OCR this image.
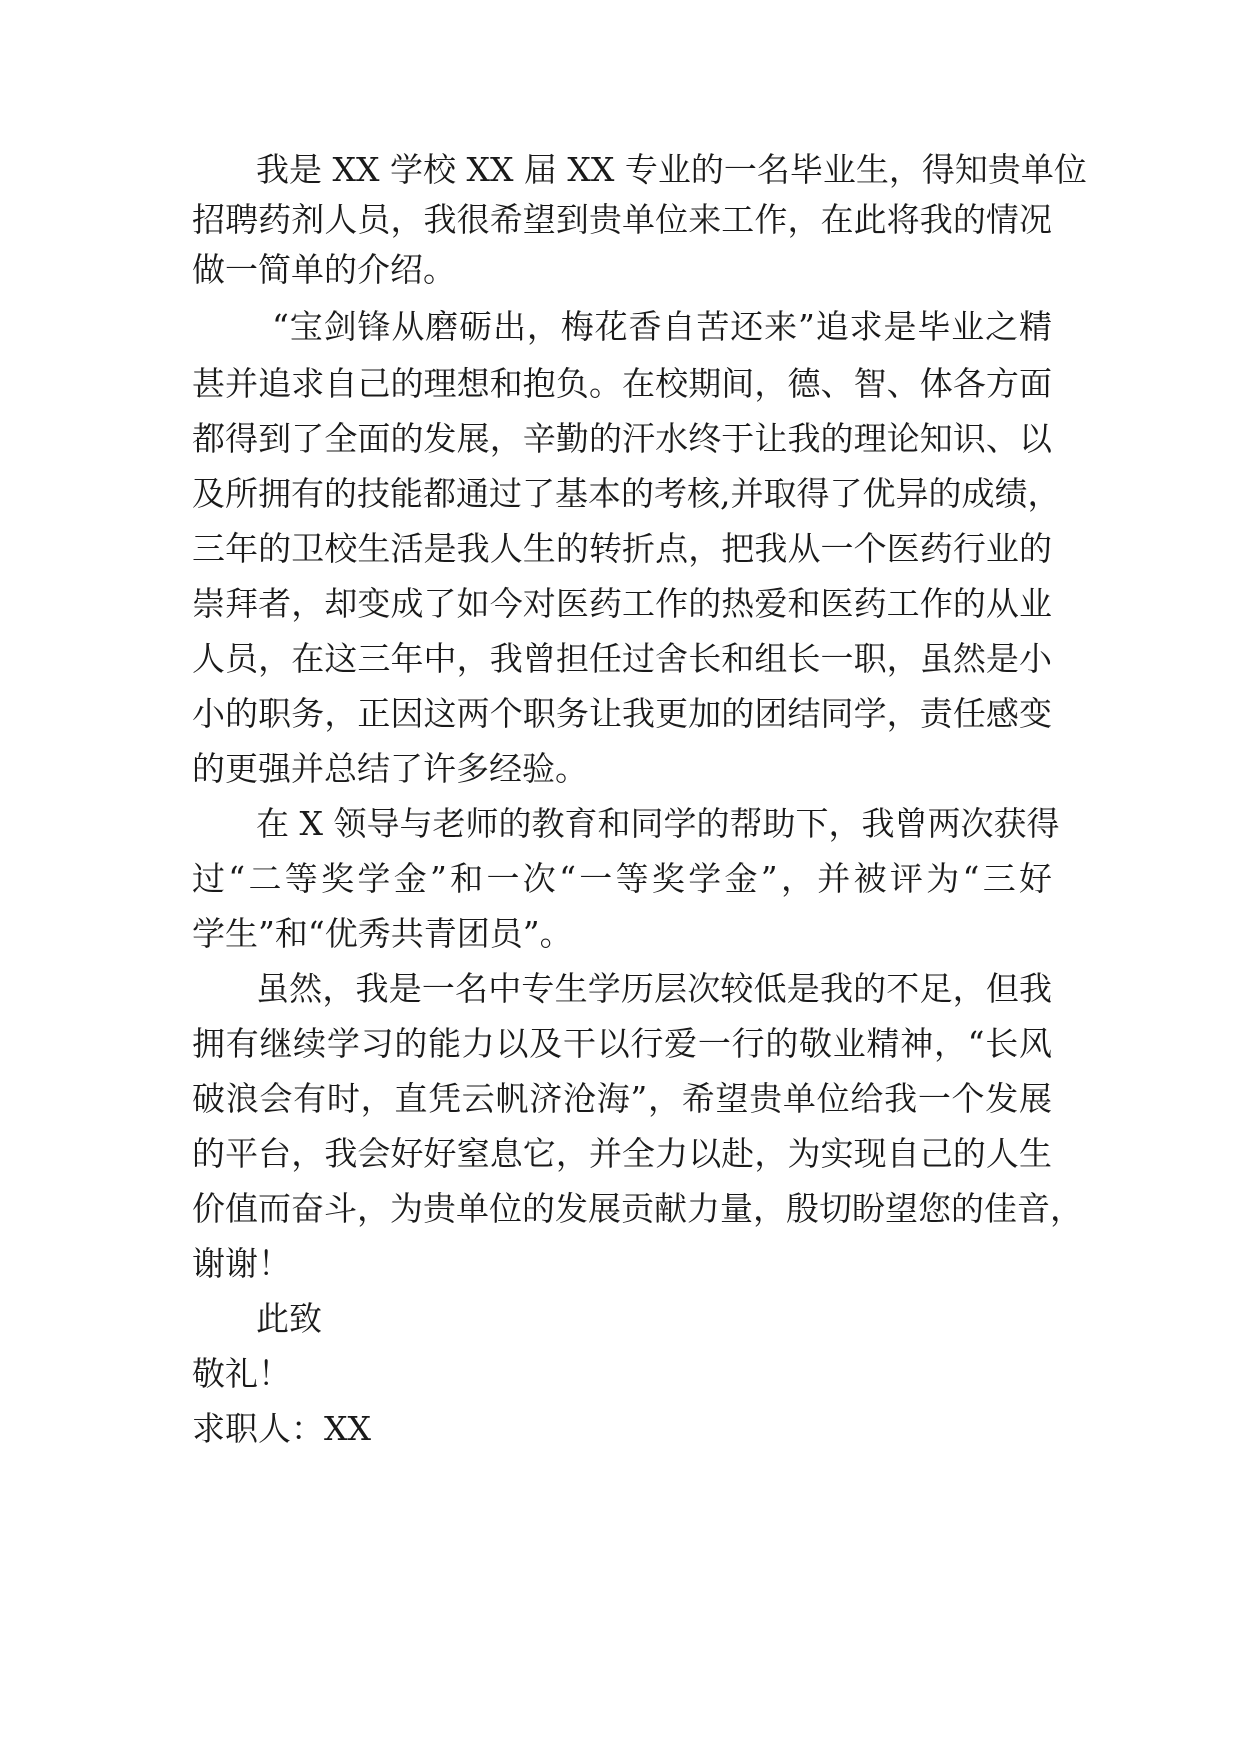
我是 XX 学校 XX 届 XX 专业的一名毕业生，得知贵单位
招聘药剂人员，我很希望到贵单位来工作，在此将我的情况
做一简单的介绍。
“宝剑锋从磨砺出，梅花香自苦还来”追求是毕业之精
甚并追求自己的理想和抱负。在校期间，德、智、体各方面
都得到了全面的发展，辛勤的汗水终于让我的理论知识、以
及所拥有的技能都通过了基本的考核,并取得了优异的成绩，
三年的卫校生活是我人生的转折点，把我从一个医药行业的
崇拜者，却变成了如今对医药工作的热爱和医药工作的从业
人员，在这三年中，我曾担任过舍长和组长一职，虽然是小
小的职务，正因这两个职务让我更加的团结同学，责任感变
的更强并总结了许多经验。
在 X 领导与老师的教育和同学的帮助下，我曾两次获得
过“二等奖学金”和一次“一等奖学金”，并被评为“三好
学生”和“优秀共青团员”。
虽然，我是一名中专生学历层次较低是我的不足，但我
拥有继续学习的能力以及干以行爱一行的敬业精神，“长风
破浪会有时，直凭云帆济沧海”，希望贵单位给我一个发展
的平台，我会好好窒息它，并全力以赴，为实现自己的人生
价值而奋斗，为贵单位的发展贡献力量，殷切盼望您的佳音，
谢谢！
此致
敬礼！
求职人：XX
